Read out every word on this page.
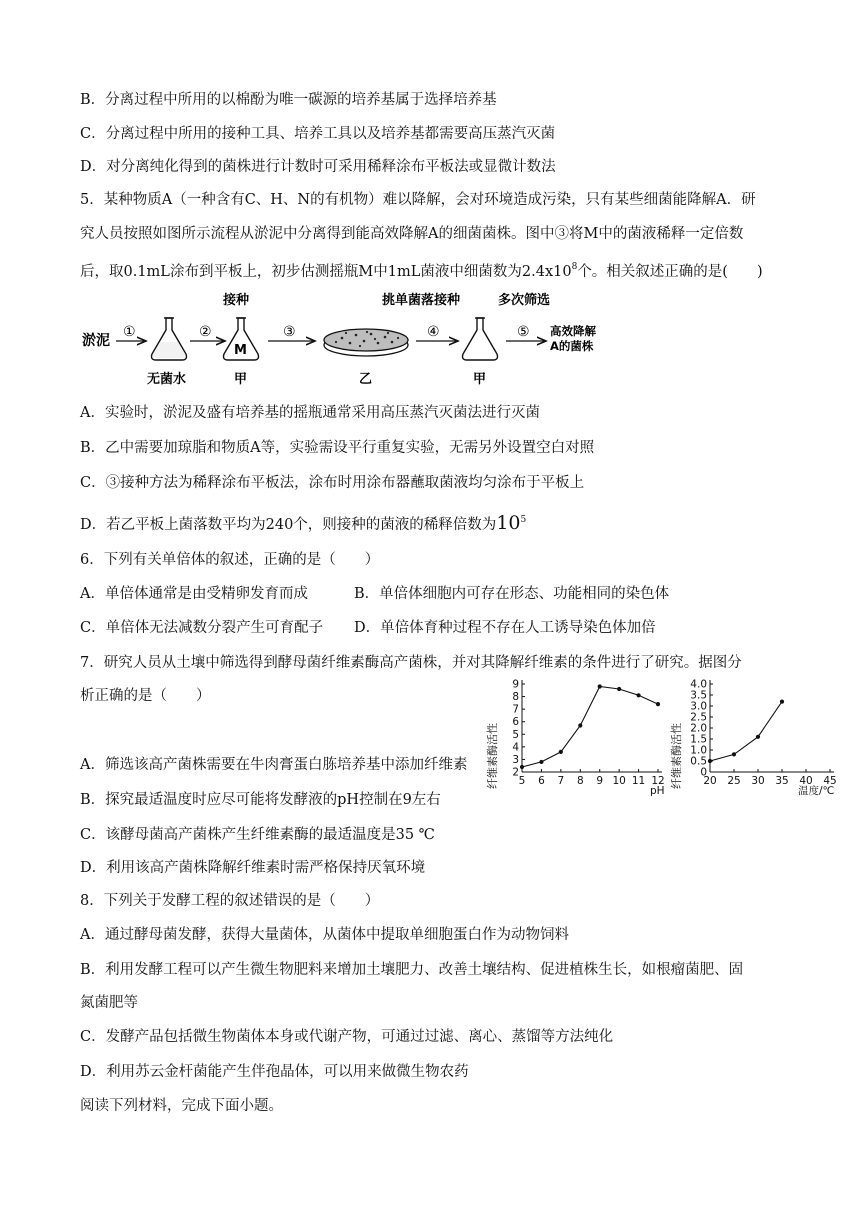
B．分离过程中所用的以棉酚为唯一碳源的培养基属于选择培养基
C．分离过程中所用的接种工具、培养工具以及培养基都需要高压蒸汽灭菌
D．对分离纯化得到的菌株进行计数时可采用稀释涂布平板法或显微计数法
5．某种物质A（一种含有C、H、N的有机物）难以降解，会对环境造成污染，只有某些细菌能降解A．研
究人员按照如图所示流程从淤泥中分离得到能高效降解A的细菌菌株。图中③将M中的菌液稀释一定倍数
后，取0.1mL涂布到平板上，初步估测摇瓶M中1mL菌液中细菌数为$2.4x10^8$个。相关叙述正确的是(　　)
淤泥
①
无菌水
②
接种
M
甲
③
乙
挑单菌落接种
④
甲
多次筛选
⑤ 高效降解
A的菌株
A．实验时，淤泥及盛有培养基的摇瓶通常采用高压蒸汽灭菌法进行灭菌
B．乙中需要加琼脂和物质A等，实验需设平行重复实验，无需另外设置空白对照
C．③接种方法为稀释涂布平板法，涂布时用涂布器蘸取菌液均匀涂布于平板上
D．若乙平板上菌落数平均为240个，则接种的菌液的稀释倍数为$10^5$
6．下列有关单倍体的叙述，正确的是（　　）
A．单倍体通常是由受精卵发育而成	B．单倍体细胞内可存在形态、功能相同的染色体
C．单倍体无法减数分裂产生可育配子 D．单倍体育种过程不存在人工诱导染色体加倍
7．研究人员从土壤中筛选得到酵母菌纤维素酶高产菌株，并对其降解纤维素的条件进行了研究。据图分
析正确的是（　　）
纤维素酶活性 2
3
4
5
6
7
8
9
5 6 7 8 9 10 11 12
pH
纤维素酶活性 0
0.5
1.0
1.5
2.0
2.5
3.0
3.5
4.0
20 25 30 35 40 45
温度/℃
A．筛选该高产菌株需要在牛肉膏蛋白胨培养基中添加纤维素
B．探究最适温度时应尽可能将发酵液的pH控制在9左右
C．该酵母菌高产菌株产生纤维素酶的最适温度是35 ℃
D．利用该高产菌株降解纤维素时需严格保持厌氧环境
8．下列关于发酵工程的叙述错误的是（　　）
A．通过酵母菌发酵，获得大量菌体，从菌体中提取单细胞蛋白作为动物饲料
B．利用发酵工程可以产生微生物肥料来增加土壤肥力、改善土壤结构、促进植株生长，如根瘤菌肥、固
氮菌肥等
C．发酵产品包括微生物菌体本身或代谢产物，可通过过滤、离心、蒸馏等方法纯化
D．利用苏云金杆菌能产生伴孢晶体，可以用来做微生物农药
阅读下列材料，完成下面小题。
